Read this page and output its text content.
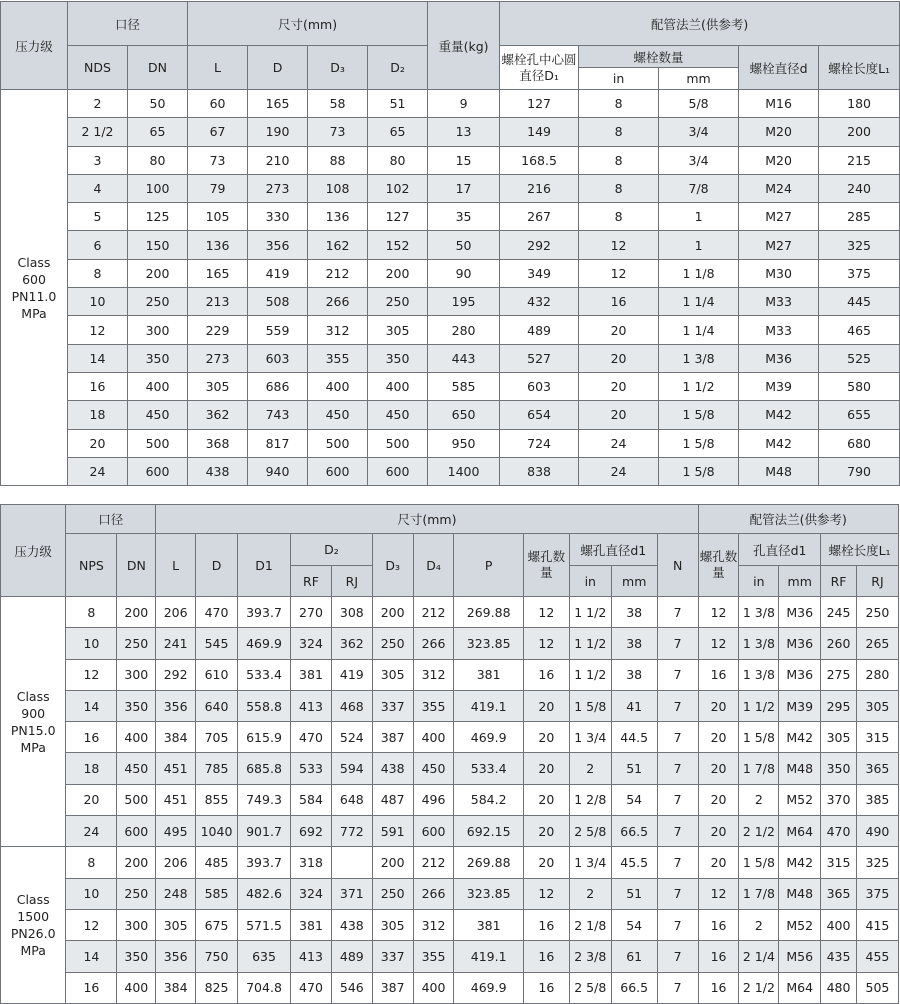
压力级	口径		尺寸(mm)				重量(kg)	配管法兰(供参考)				
	NDS	DN	L	D	D₃	D₂		螺栓孔中心圆直径D₁	螺栓数量		螺栓直径d	螺栓长度L₁
									in	mm		

Class
600
PN11.0
MPa	2	50	60	165	58	51	9	127	8	5/8	M16	180
	2 1/2	65	67	190	73	65	13	149	8	3/4	M20	200
	3	80	73	210	88	80	15	168.5	8	3/4	M20	215
	4	100	79	273	108	102	17	216	8	7/8	M24	240
	5	125	105	330	136	127	35	267	8	1	M27	285
	6	150	136	356	162	152	50	292	12	1	M27	325
	8	200	165	419	212	200	90	349	12	1 1/8	M30	375
	10	250	213	508	266	250	195	432	16	1 1/4	M33	445
	12	300	229	559	312	305	280	489	20	1 1/4	M33	465
	14	350	273	603	355	350	443	527	20	1 3/8	M36	525
	16	400	305	686	400	400	585	603	20	1 1/2	M39	580
	18	450	362	743	450	450	650	654	20	1 5/8	M42	655
	20	500	368	817	500	500	950	724	24	1 5/8	M42	680
	24	600	438	940	600	600	1400	838	24	1 5/8	M48	790
压力级	口径		尺寸(mm)												配管法兰(供参考)				
	NPS	DN	L	D	D1	D₂		D₃	D₄	P	螺孔数量	螺孔直径d1		N	螺孔数量	孔直径d1		螺栓长度L₁	
						RF	RJ					in	mm			in	mm	RF	RJ

Class
900
PN15.0
MPa	8	200	206	470	393.7	270	308	200	212	269.88	12	1 1/2	38	7	12	1 3/8	M36	245	250
	10	250	241	545	469.9	324	362	250	266	323.85	12	1 1/2	38	7	12	1 3/8	M36	260	265
	12	300	292	610	533.4	381	419	305	312	381	16	1 1/2	38	7	16	1 3/8	M36	275	280
	14	350	356	640	558.8	413	468	337	355	419.1	20	1 5/8	41	7	20	1 1/2	M39	295	305
	16	400	384	705	615.9	470	524	387	400	469.9	20	1 3/4	44.5	7	20	1 5/8	M42	305	315
	18	450	451	785	685.8	533	594	438	450	533.4	20	2	51	7	20	1 7/8	M48	350	365
	20	500	451	855	749.3	584	648	487	496	584.2	20	1 2/8	54	7	20	2	M52	370	385
	24	600	495	1040	901.7	692	772	591	600	692.15	20	2 5/8	66.5	7	20	2 1/2	M64	470	490

Class
1500
PN26.0
MPa	8	200	206	485	393.7	318		200	212	269.88	20	1 3/4	45.5	7	20	1 5/8	M42	315	325
	10	250	248	585	482.6	324	371	250	266	323.85	12	2	51	7	12	1 7/8	M48	365	375
	12	300	305	675	571.5	381	438	305	312	381	16	2 1/8	54	7	16	2	M52	400	415
	14	350	356	750	635	413	489	337	355	419.1	16	2 3/8	61	7	16	2 1/4	M56	435	455
	16	400	384	825	704.8	470	546	387	400	469.9	16	2 5/8	66.5	7	16	2 1/2	M64	480	505
